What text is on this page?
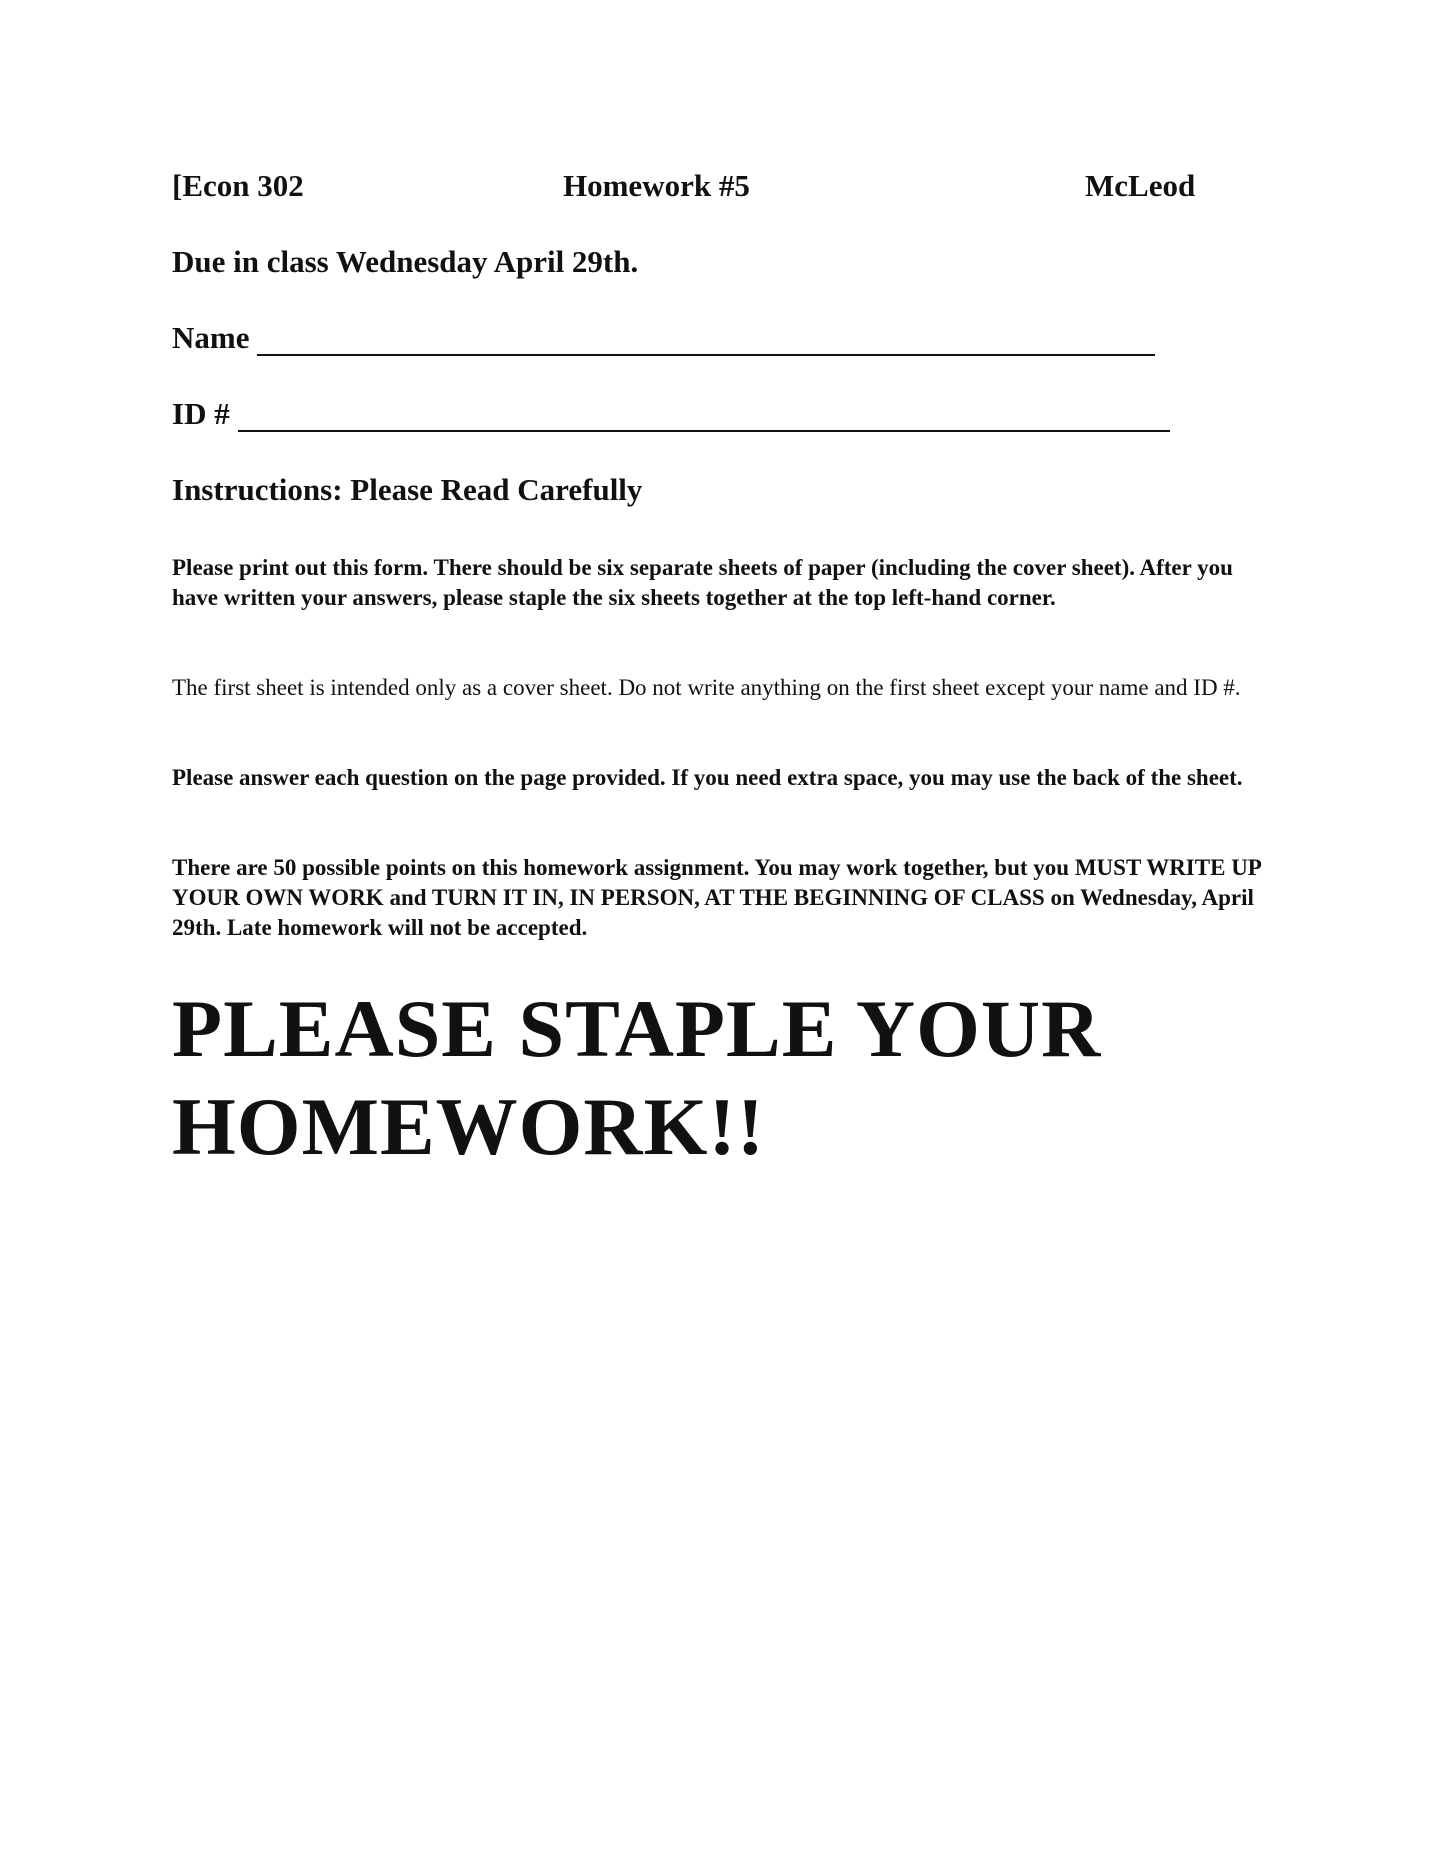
[Econ 302	Homework #5	McLeod
Due in class Wednesday April 29th.
Name
ID #
Instructions: Please Read Carefully
Please print out this form. There should be six separate sheets of paper (including the cover sheet). After you have written your answers, please staple the six sheets together at the top left-hand corner.
The first sheet is intended only as a cover sheet. Do not write anything on the first sheet except your name and ID #.
Please answer each question on the page provided. If you need extra space, you may use the back of the sheet.
There are 50 possible points on this homework assignment. You may work together, but you MUST WRITE UP YOUR OWN WORK and TURN IT IN, IN PERSON, AT THE BEGINNING OF CLASS on Wednesday, April 29th. Late homework will not be accepted.
PLEASE STAPLE YOUR HOMEWORK!!
